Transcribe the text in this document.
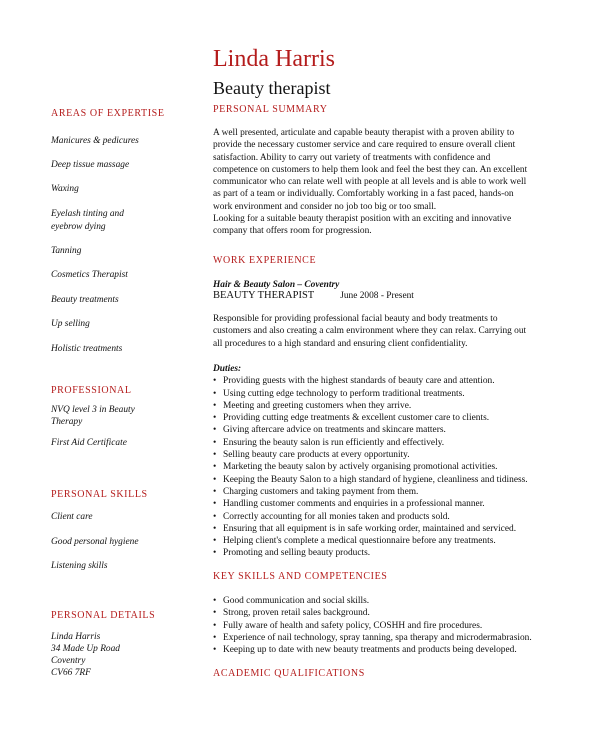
Linda Harris
Beauty therapist
AREAS OF EXPERTISE
Manicures & pedicures
Deep tissue massage
Waxing
Eyelash tinting and
eyebrow dying
Tanning
Cosmetics Therapist
Beauty treatments
Up selling
Holistic treatments
PROFESSIONAL
NVQ level 3 in Beauty
Therapy
First Aid Certificate
PERSONAL SKILLS
Client care
Good personal hygiene
Listening skills
PERSONAL DETAILS
Linda Harris
34 Made Up Road
Coventry
CV66 7RF
PERSONAL SUMMARY

A well presented, articulate and capable beauty therapist with a proven ability to

provide the necessary customer service and care required to ensure overall client

satisfaction. Ability to carry out variety of treatments with confidence and

competence on customers to help them look and feel the best they can. An excellent

communicator who can relate well with people at all levels and is able to work well

as part of a team or individually. Comfortably working in a fast paced, hands-on

work environment and consider no job too big or too small.

Looking for a suitable beauty therapist position with an exciting and innovative

company that offers room for progression.

WORK EXPERIENCE

Hair & Beauty Salon – Coventry

BEAUTY THERAPIST	June 2008 - Present

Responsible for providing professional facial beauty and body treatments to

customers and also creating a calm environment where they can relax. Carrying out

all procedures to a high standard and ensuring client confidentiality.

Duties:

• Providing guests with the highest standards of beauty care and attention.
• Using cutting edge technology to perform traditional treatments.
• Meeting and greeting customers when they arrive.
• Providing cutting edge treatments & excellent customer care to clients.
• Giving aftercare advice on treatments and skincare matters.
• Ensuring the beauty salon is run efficiently and effectively.
• Selling beauty care products at every opportunity.
• Marketing the beauty salon by actively organising promotional activities.
• Keeping the Beauty Salon to a high standard of hygiene, cleanliness and tidiness.
• Charging customers and taking payment from them.
• Handling customer comments and enquiries in a professional manner.
• Correctly accounting for all monies taken and products sold.
• Ensuring that all equipment is in safe working order, maintained and serviced.
• Helping client's complete a medical questionnaire before any treatments.
• Promoting and selling beauty products.
KEY SKILLS AND COMPETENCIES
• Good communication and social skills.
• Strong, proven retail sales background.
• Fully aware of health and safety policy, COSHH and fire procedures.
• Experience of nail technology, spray tanning, spa therapy and microdermabrasion.
• Keeping up to date with new beauty treatments and products being developed.
ACADEMIC QUALIFICATIONS
